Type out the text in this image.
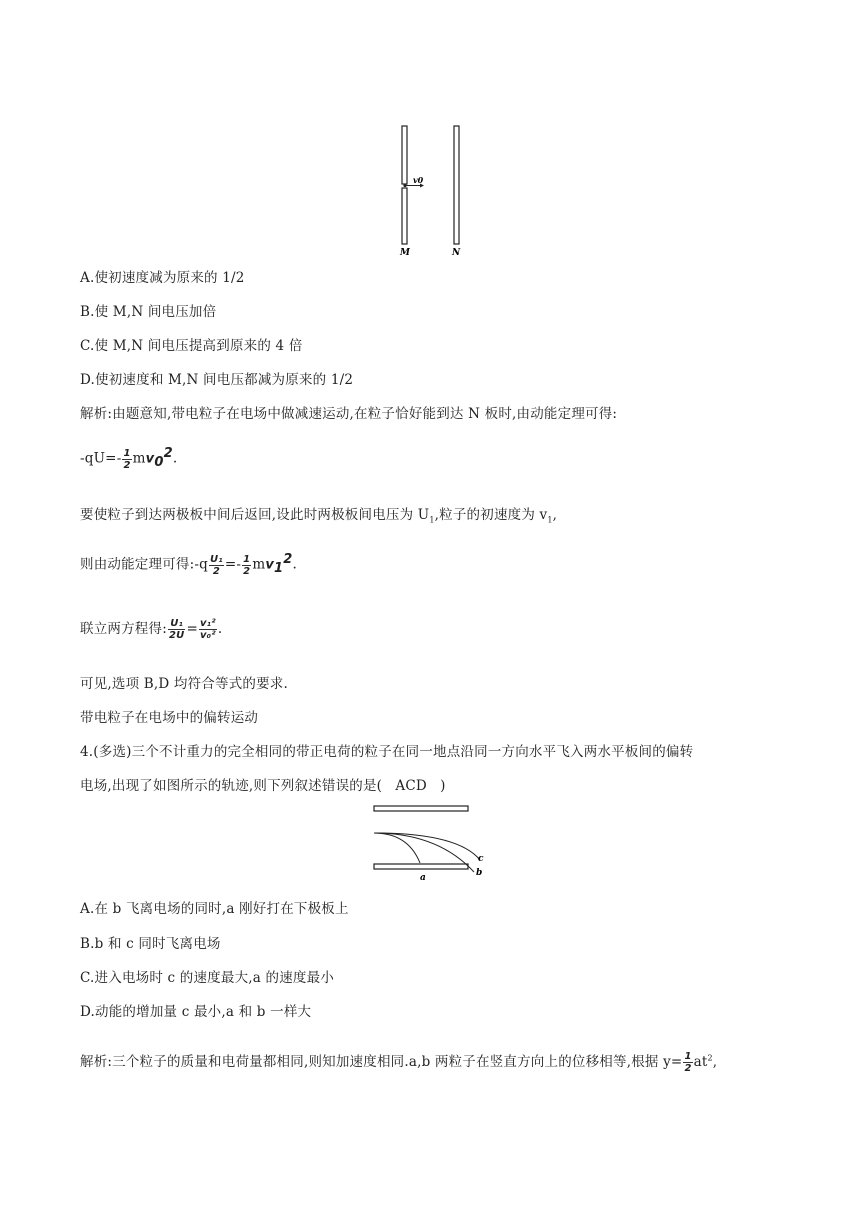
v0
M	N
A.使初速度减为原来的 1/2
B.使 M,N 间电压加倍
C.使 M,N 间电压提高到原来的 4 倍
D.使初速度和 M,N 间电压都减为原来的 1/2
解析:由题意知,带电粒子在电场中做减速运动,在粒子恰好能到达 N 板时,由动能定理可得:
$-qU=- \frac{1}{2} mv_0^2$.
要使粒子到达两极板中间后返回,设此时两极板间电压为 $U_1$,粒子的初速度为 $v_1$,
则由动能定理可得:-q $\frac{\text{U₁}}{2} =- \frac{1}{2} mv_1^2$.
联立两方程得: $\frac{\text{U₁}}{2U} = \frac{\text{v₁²}}{\text{v₀²}}$ .
可见,选项 B,D 均符合等式的要求.
带电粒子在电场中的偏转运动
4.(多选)三个不计重力的完全相同的带正电荷的粒子在同一地点沿同一方向水平飞入两水平板间的偏转
电场,出现了如图所示的轨迹,则下列叙述错误的是( ACD )
c
b
a
A.在 b 飞离电场的同时,a 刚好打在下极板上
B.b 和 c 同时飞离电场
C.进入电场时 c 的速度最大,a 的速度最小
D.动能的增加量 c 最小,a 和 b 一样大
解析:三个粒子的质量和电荷量都相同,则知加速度相同.a,b 两粒子在竖直方向上的位移相等,根据 $y= \frac{1}{2} at^2$,
